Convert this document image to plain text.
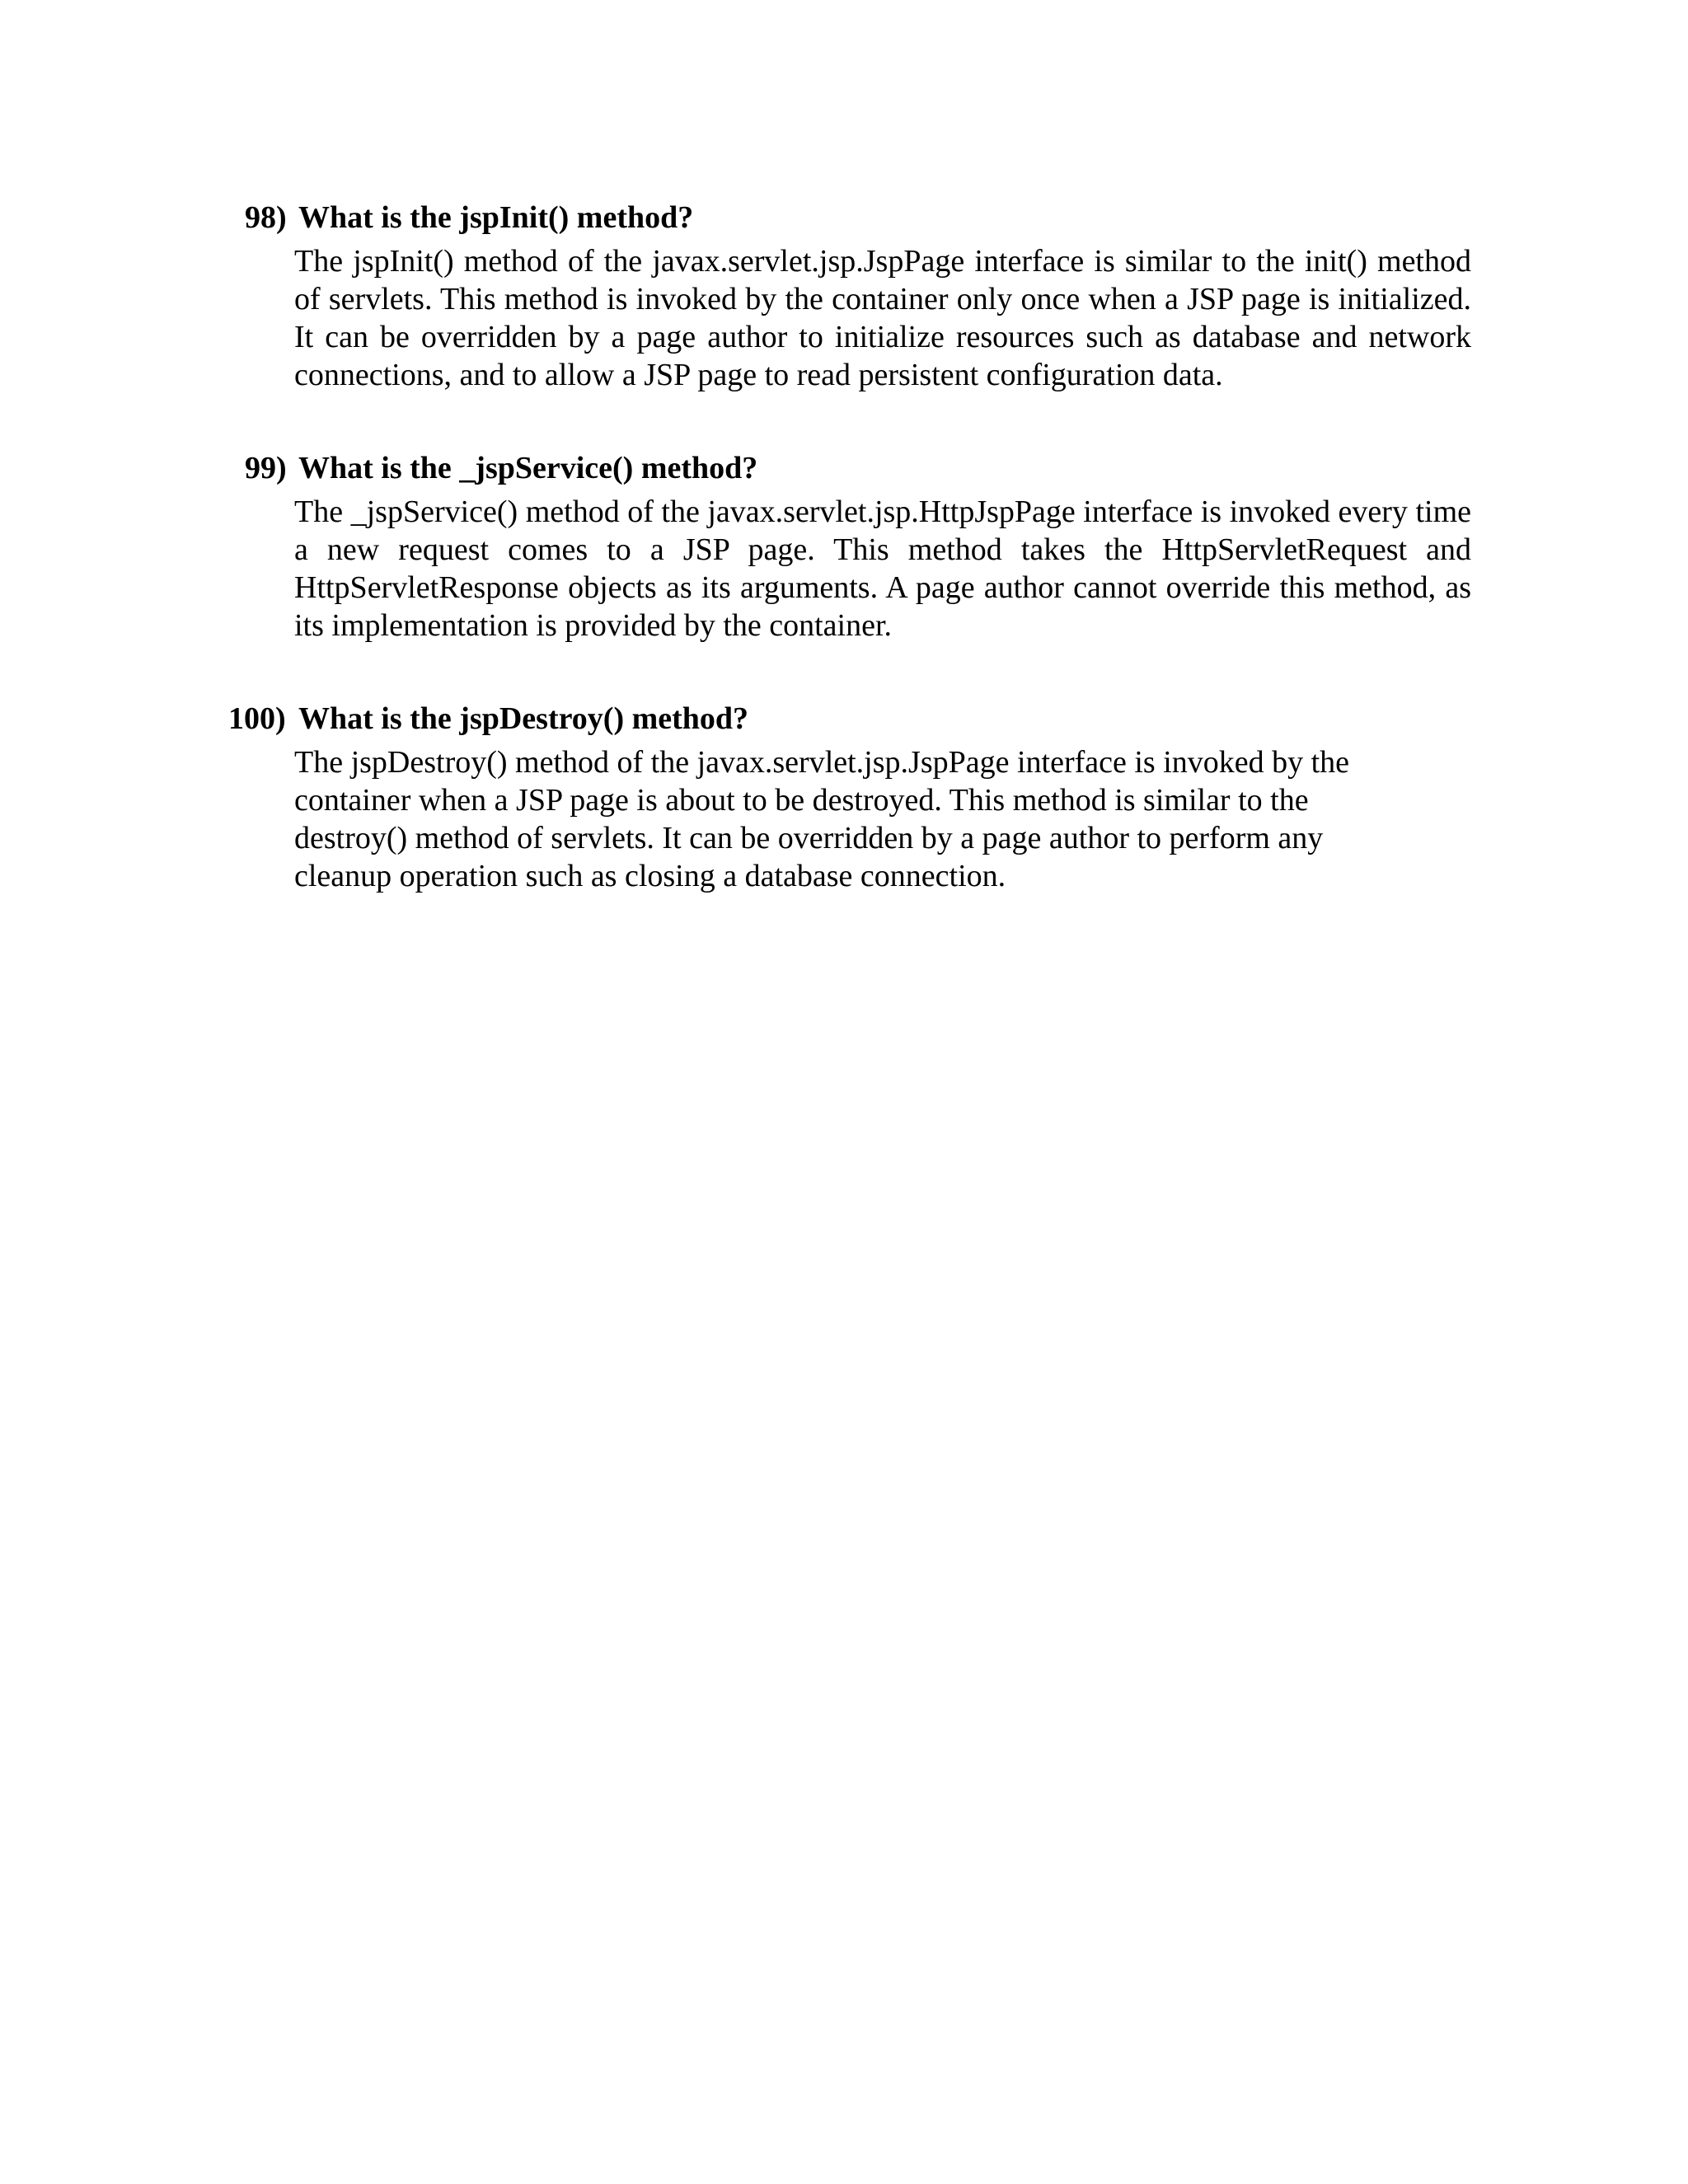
98) What is the jspInit() method?

The jspInit() method of the javax.servlet.jsp.JspPage interface is similar to the init() method of servlets. This method is invoked by the container only once when a JSP page is initialized. It can be overridden by a page author to initialize resources such as database and network connections, and to allow a JSP page to read persistent configuration data.

99) What is the _jspService() method?

The _jspService() method of the javax.servlet.jsp.HttpJspPage interface is invoked every time a new request comes to a JSP page. This method takes the HttpServletRequest and HttpServletResponse objects as its arguments. A page author cannot override this method, as its implementation is provided by the container.

100) What is the jspDestroy() method?

The jspDestroy() method of the javax.servlet.jsp.JspPage interface is invoked by the container when a JSP page is about to be destroyed. This method is similar to the destroy() method of servlets. It can be overridden by a page author to perform any cleanup operation such as closing a database connection.
